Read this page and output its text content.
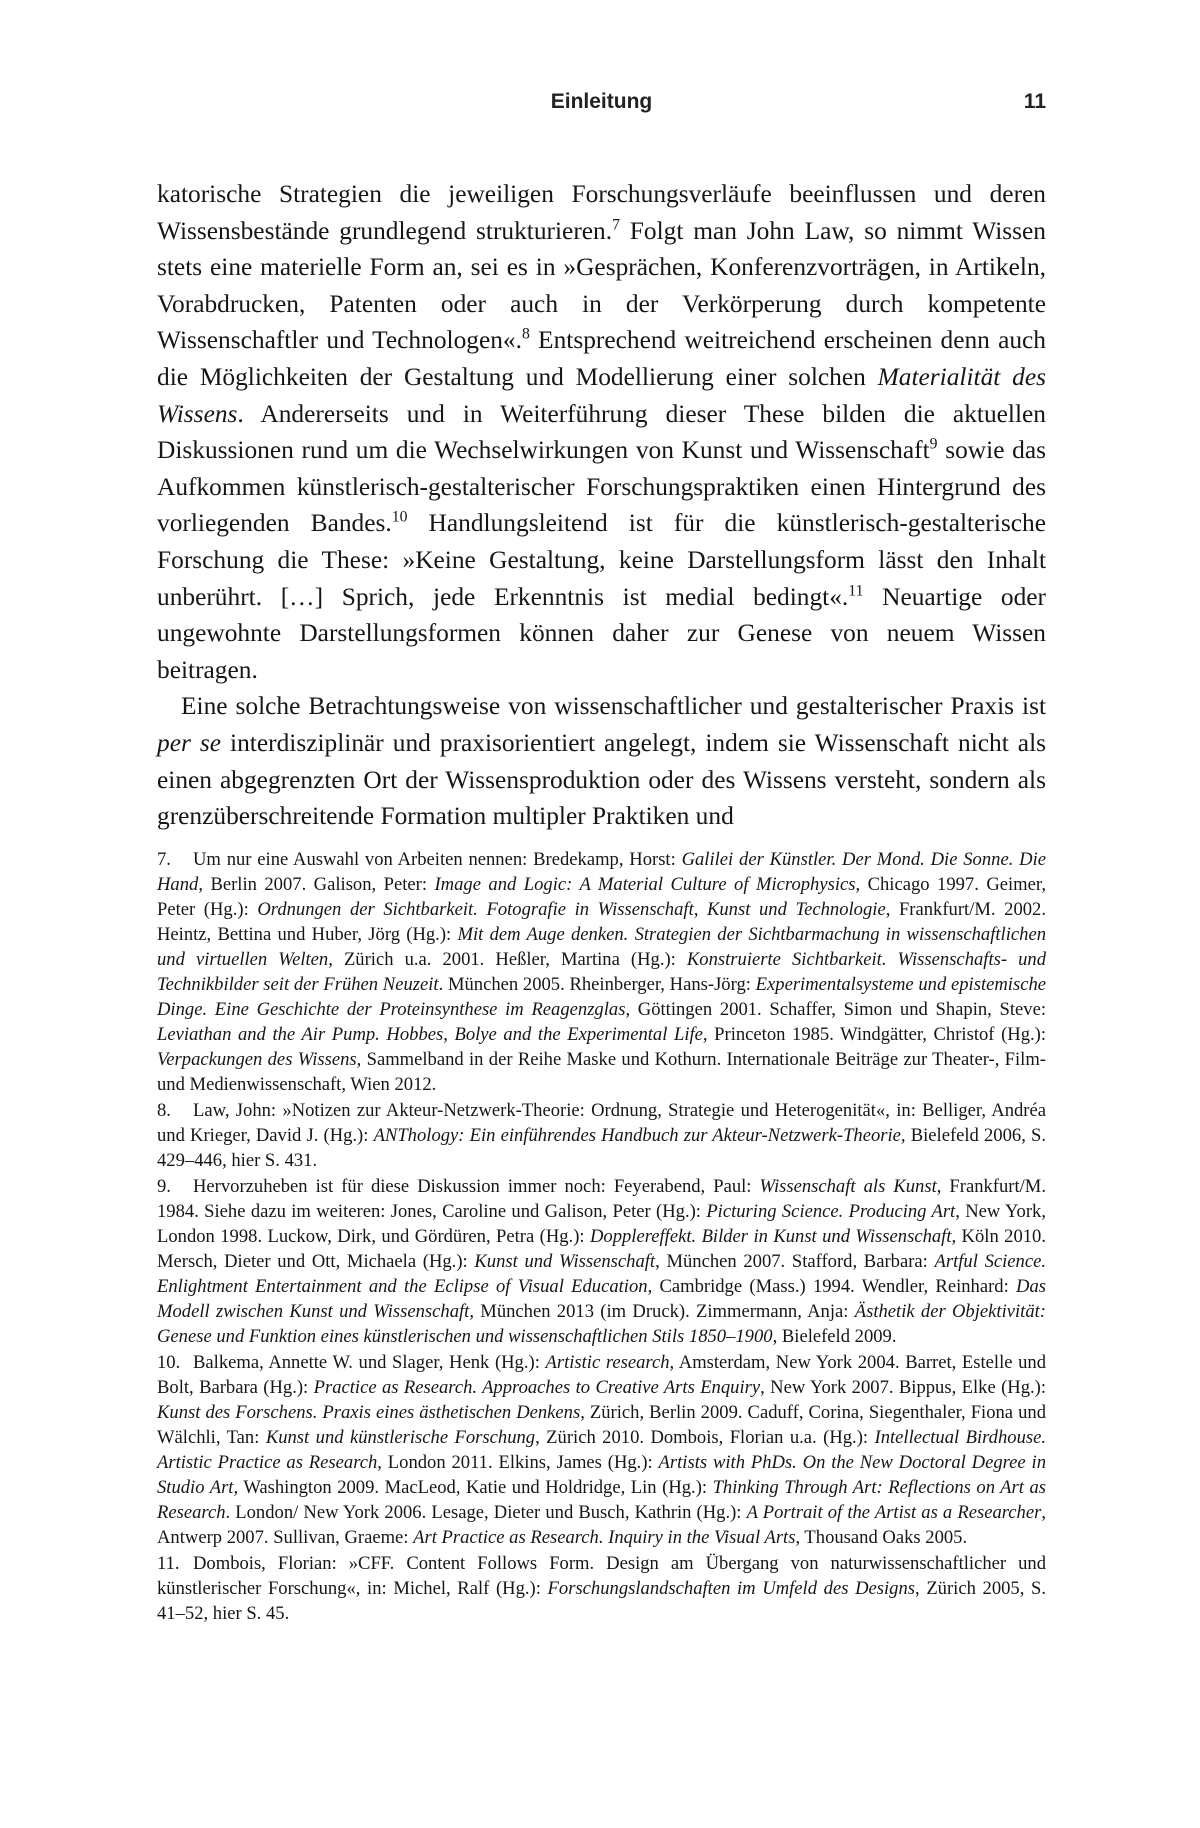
Einleitung	11

katorische Strategien die jeweiligen Forschungsverläufe beeinflussen und deren Wissensbestände grundlegend strukturieren.$^7$ Folgt man John Law, so nimmt Wissen stets eine materielle Form an, sei es in »Gesprächen, Konferenzvorträgen, in Artikeln, Vorabdrucken, Patenten oder auch in der Verkörperung durch kompetente Wissenschaftler und Technologen«.$^8$ Entsprechend weitreichend erscheinen denn auch die Möglichkeiten der Gestaltung und Modellierung einer solchen Materialität des Wissens. Andererseits und in Weiterführung dieser These bilden die aktuellen Diskussionen rund um die Wechselwirkungen von Kunst und Wissenschaft$^9$ sowie das Aufkommen künstlerisch-gestalterischer Forschungspraktiken einen Hintergrund des vorliegenden Bandes.$^{10}$ Handlungsleitend ist für die künstlerisch-gestalterische Forschung die These: »Keine Gestaltung, keine Darstellungsform lässt den Inhalt unberührt. […] Sprich, jede Erkenntnis ist medial bedingt«.$^{11}$ Neuartige oder ungewohnte Darstellungsformen können daher zur Genese von neuem Wissen beitragen.

Eine solche Betrachtungsweise von wissenschaftlicher und gestalterischer Praxis ist per se interdisziplinär und praxisorientiert angelegt, indem sie Wissenschaft nicht als einen abgegrenzten Ort der Wissensproduktion oder des Wissens versteht, sondern als grenzüberschreitende Formation multipler Praktiken und

7. Um nur eine Auswahl von Arbeiten nennen: Bredekamp, Horst: Galilei der Künstler. Der Mond. Die Sonne. Die Hand, Berlin 2007. Galison, Peter: Image and Logic: A Material Culture of Microphysics, Chicago 1997. Geimer, Peter (Hg.): Ordnungen der Sichtbarkeit. Fotografie in Wissenschaft, Kunst und Technologie, Frankfurt/M. 2002. Heintz, Bettina und Huber, Jörg (Hg.): Mit dem Auge denken. Strategien der Sichtbarmachung in wissenschaftlichen und virtuellen Welten, Zürich u.a. 2001. Heßler, Martina (Hg.): Konstruierte Sichtbarkeit. Wissenschafts- und Technikbilder seit der Frühen Neuzeit. München 2005. Rheinberger, Hans-Jörg: Experimentalsysteme und epistemische Dinge. Eine Geschichte der Proteinsynthese im Reagenzglas, Göttingen 2001. Schaffer, Simon und Shapin, Steve: Leviathan and the Air Pump. Hobbes, Bolye and the Experimental Life, Princeton 1985. Windgätter, Christof (Hg.): Verpackungen des Wissens, Sammelband in der Reihe Maske und Kothurn. Internationale Beiträge zur Theater-, Film- und Medienwissenschaft, Wien 2012.

8. Law, John: »Notizen zur Akteur-Netzwerk-Theorie: Ordnung, Strategie und Heterogenität«, in: Belliger, Andréa und Krieger, David J. (Hg.): ANThology: Ein einführendes Handbuch zur Akteur-Netzwerk-Theorie, Bielefeld 2006, S. 429–446, hier S. 431.

9. Hervorzuheben ist für diese Diskussion immer noch: Feyerabend, Paul: Wissenschaft als Kunst, Frankfurt/M. 1984. Siehe dazu im weiteren: Jones, Caroline und Galison, Peter (Hg.): Picturing Science. Producing Art, New York, London 1998. Luckow, Dirk, und Gördüren, Petra (Hg.): Dopplereffekt. Bilder in Kunst und Wissenschaft, Köln 2010. Mersch, Dieter und Ott, Michaela (Hg.): Kunst und Wissenschaft, München 2007. Stafford, Barbara: Artful Science. Enlightment Entertainment and the Eclipse of Visual Education, Cambridge (Mass.) 1994. Wendler, Reinhard: Das Modell zwischen Kunst und Wissenschaft, München 2013 (im Druck). Zimmermann, Anja: Ästhetik der Objektivität: Genese und Funktion eines künstlerischen und wissenschaftlichen Stils 1850–1900, Bielefeld 2009.

10. Balkema, Annette W. und Slager, Henk (Hg.): Artistic research, Amsterdam, New York 2004. Barret, Estelle und Bolt, Barbara (Hg.): Practice as Research. Approaches to Creative Arts Enquiry, New York 2007. Bippus, Elke (Hg.): Kunst des Forschens. Praxis eines ästhetischen Denkens, Zürich, Berlin 2009. Caduff, Corina, Siegenthaler, Fiona und Wälchli, Tan: Kunst und künstlerische Forschung, Zürich 2010. Dombois, Florian u.a. (Hg.): Intellectual Birdhouse. Artistic Practice as Research, London 2011. Elkins, James (Hg.): Artists with PhDs. On the New Doctoral Degree in Studio Art, Washington 2009. MacLeod, Katie und Holdridge, Lin (Hg.): Thinking Through Art: Reflections on Art as Research. London/ New York 2006. Lesage, Dieter und Busch, Kathrin (Hg.): A Portrait of the Artist as a Researcher, Antwerp 2007. Sullivan, Graeme: Art Practice as Research. Inquiry in the Visual Arts, Thousand Oaks 2005.

11. Dombois, Florian: »CFF. Content Follows Form. Design am Übergang von naturwissenschaftlicher und künstlerischer Forschung«, in: Michel, Ralf (Hg.): Forschungslandschaften im Umfeld des Designs, Zürich 2005, S. 41–52, hier S. 45.
